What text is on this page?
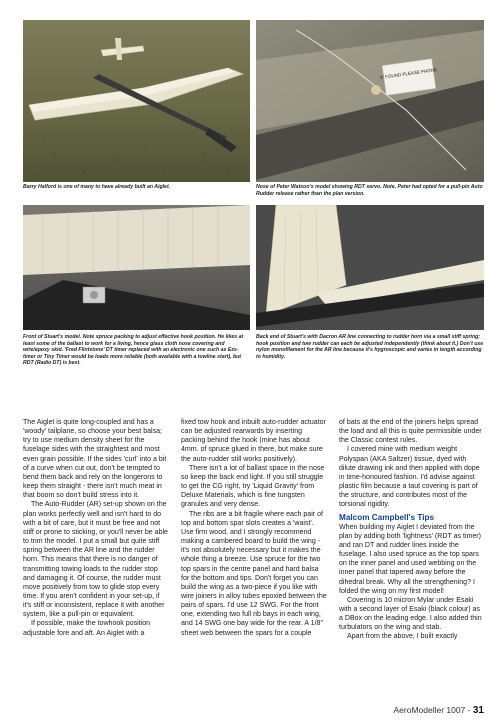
IF FOUND PLEASE PHONE
Barry Halford is one of many to have already built an Aiglet.	Nose of Peter Watson's model showing RDT servo. Note, Peter had opted for a pull-pin Auto Rudder release rather than the plan version.
Front of Stuart's model. Note spruce packing to adjust effective hook position. He likes at least some of the ballast to work for a living, hence glass cloth nose covering and wire/epoxy skid. 'Fred Flintstone' DT timer replaced with an electronic one such as Ezs-timer or Tiny Timer would be loads more reliable (both available with a towline start), but RDT (Radio DT) is best.
Back end of Stuart's with Dacron AR line connecting to rudder horn via a small stiff spring; hook position and tow rudder can each be adjusted independently (think about it.) Don't use nylon monofilament for the AR line because it's hygroscopic and varies in length according to humidity.

The Aiglet is quite long-coupled and has a 'woody' tailplane, so choose your best balsa; try to use medium density sheet for the fuselage sides with the straightest and most even grain possible. If the sides 'curl' into a bit of a curve when cut out, don't be tempted to bend them back and rely on the longerons to keep them straight - there isn't much meat in that boom so don't build stress into it.

The Auto-Rudder (AR) set-up shown on the plan works perfectly well and isn't hard to do with a bit of care, but it must be free and not stiff or prone to sticking, or you'll never be able to trim the model. I put a small but quite stiff spring between the AR line and the rudder horn. This means that there is no danger of transmitting towing loads to the rudder stop and damaging it. Of course, the rudder must move positively from tow to glide stop every time. If you aren't confident in your set-up, if it's stiff or inconsistent, replace it with another system, like a pull-pin or equivalent.

If possible, make the towhook position adjustable fore and aft. An Aiglet with a

fixed tow hook and inbuilt auto-rudder actuator can be adjusted rearwards by inserting packing behind the hook (mine has about 4mm. of spruce glued in there, but make sure the auto-rudder still works positively).

There isn't a lot of ballast space in the nose so keep the back end light. If you still struggle to get the CG right, try 'Liquid Gravity' from Deluxe Materials, which is fine tungsten granules and very dense.

The ribs are a bit fragile where each pair of top and bottom spar slots creates a 'waist'. Use firm wood, and I strongly recommend making a cambered board to build the wing - it's not absolutely necessary but it makes the whole thing a breeze. Use spruce for the two top spars in the centre panel and hard balsa for the bottom and tips. Don't forget you can build the wing as a two-piece if you like with wire joiners in alloy tubes epoxied between the pairs of spars. I'd use 12 SWG. For the front one, extending two full rib bays in each wing, and 14 SWG one bay wide for the rear. A 1/8" sheet web between the spars for a couple

of bats at the end of the joiners helps spread the load and all this is quite permissible under the Classic contest rules.

I covered mine with medium weight Polyspan (AKA Saltzer) tissue, dyed with dilute drawing ink and then applied with dope in time-honoured fashion. I'd advise against plastic film because a taut covering is part of the structure, and contributes most of the torsional rigidity.

Malcom Campbell's Tips

When building my Aiglet I deviated from the plan by adding both 'lightness' (RDT as timer) and ran DT and rudder lines inside the fuselage. I also used spruce as the top spars on the inner panel and used webbing on the inner panel that tapered away before the dihedral break. Why all the strengthening? I folded the wing on my first model!

Covering is 10 micron Mylar under Esaki with a second layer of Esaki (black colour) as a DBox on the leading edge. I also added thin turbulators on the wing and stab.

Apart from the above, I built exactly

AeroModeller 1007 - 31
